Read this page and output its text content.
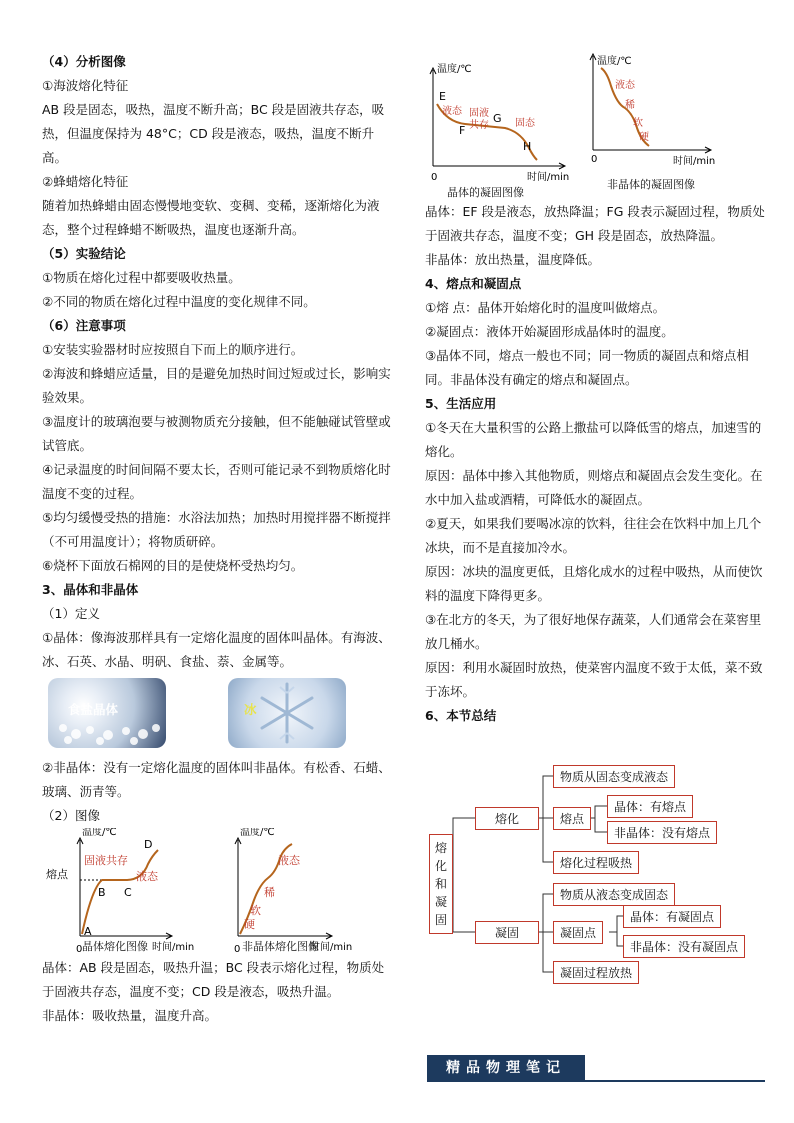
（4）分析图像

①海波熔化特征

AB 段是固态，吸热，温度不断升高；BC 段是固液共存态，吸热，但温度保持为 48°C；CD 段是液态，吸热，温度不断升高。

②蜂蜡熔化特征

随着加热蜂蜡由固态慢慢地变软、变稠、变稀，逐渐熔化为液态，整个过程蜂蜡不断吸热，温度也逐渐升高。

（5）实验结论

①物质在熔化过程中都要吸收热量。

②不同的物质在熔化过程中温度的变化规律不同。

（6）注意事项

①安装实验器材时应按照自下而上的顺序进行。

②海波和蜂蜡应适量，目的是避免加热时间过短或过长，影响实验效果。

③温度计的玻璃泡要与被测物质充分接触，但不能触碰试管壁或试管底。

④记录温度的时间间隔不要太长，否则可能记录不到物质熔化时温度不变的过程。

⑤均匀缓慢受热的措施：水浴法加热；加热时用搅拌器不断搅拌（不可用温度计）；将物质研碎。

⑥烧杯下面放石棉网的目的是使烧杯受热均匀。

3、晶体和非晶体

（1）定义

①晶体：像海波那样具有一定熔化温度的固体叫晶体。有海波、冰、石英、水晶、明矾、食盐、萘、金属等。

食盐晶体	冰

②非晶体：没有一定熔化温度的固体叫非晶体。有松香、石蜡、玻璃、沥青等。

（2）图像

温度/℃
时间/min
0
熔点
A
B C
D
固液共存
液态
温度/℃
时间/min
0
硬
软
稀
液态
晶体熔化图像	非晶体熔化图像

晶体：AB 段是固态，吸热升温；BC 段表示熔化过程，物质处于固液共存态，温度不变；CD 段是液态，吸热升温。

非晶体：吸收热量，温度升高。

温度/℃
时间/min
0
E
F
G
H
液态 固液
共存	固态
温度/℃
时间/min
0
液态
稀
软
硬
晶体的凝固图像
非晶体的凝固图像

晶体：EF 段是液态，放热降温；FG 段表示凝固过程，物质处于固液共存态，温度不变；GH 段是固态，放热降温。

非晶体：放出热量，温度降低。

4、熔点和凝固点

①熔 点：晶体开始熔化时的温度叫做熔点。

②凝固点：液体开始凝固形成晶体时的温度。

③晶体不同，熔点一般也不同；同一物质的凝固点和熔点相同。非晶体没有确定的熔点和凝固点。

5、生活应用

①冬天在大量积雪的公路上撒盐可以降低雪的熔点，加速雪的熔化。

原因：晶体中掺入其他物质，则熔点和凝固点会发生变化。在水中加入盐或酒精，可降低水的凝固点。

②夏天，如果我们要喝冰凉的饮料，往往会在饮料中加上几个冰块，而不是直接加冷水。

原因：冰块的温度更低，且熔化成水的过程中吸热，从而使饮料的温度下降得更多。

③在北方的冬天，为了很好地保存蔬菜，人们通常会在菜窖里放几桶水。

原因：利用水凝固时放热，使菜窖内温度不致于太低，菜不致于冻坏。

6、本节总结

熔化和凝固
熔化
物质从固态变成液态
熔点
晶体：有熔点
非晶体：没有熔点
熔化过程吸热
凝固
物质从液态变成固态
凝固点
晶体：有凝固点
非晶体：没有凝固点
凝固过程放热
精品物理笔记
